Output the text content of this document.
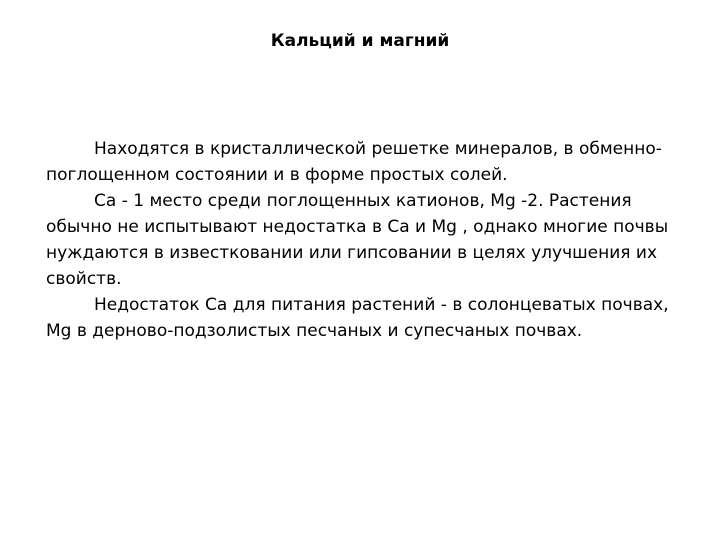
Кальций и магний

Находятся в кристаллической решетке минералов, в обменно-поглощенном состоянии и в форме простых солей.

Са - 1 место среди поглощенных катионов, Mg -2. Растения обычно не испытывают недостатка в Са и Mg , однако многие почвы нуждаются в известковании или гипсовании в целях улучшения их свойств.

Недостаток Са для питания растений - в солонцеватых почвах, Mg в дерново-подзолистых песчаных и супесчаных почвах.
